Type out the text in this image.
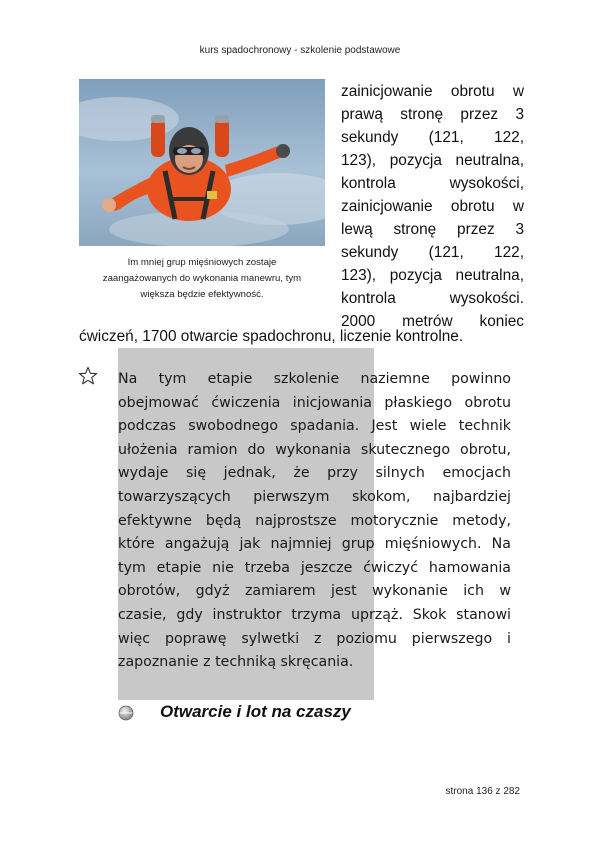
kurs spadochronowy - szkolenie podstawowe
Im mniej grup mięśniowych zostaje
zaangażowanych do wykonania manewru, tym
większa będzie efektywność.
zainicjowanie obrotu w
prawą stronę przez 3
sekundy (121, 122,
123), pozycja neutralna,
kontrola wysokości,
zainicjowanie obrotu w
lewą stronę przez 3
sekundy (121, 122,
123), pozycja neutralna,
kontrola wysokości.
2000 metrów koniec
ćwiczeń, 1700 otwarcie spadochronu, liczenie kontrolne.
Na tym etapie szkolenie naziemne powinno
obejmować ćwiczenia inicjowania płaskiego obrotu
podczas swobodnego spadania. Jest wiele technik
ułożenia ramion do wykonania skutecznego obrotu,
wydaje się jednak, że przy silnych emocjach
towarzyszących pierwszym skokom, najbardziej
efektywne będą najprostsze motorycznie metody,
które angażują jak najmniej grup mięśniowych. Na
tym etapie nie trzeba jeszcze ćwiczyć hamowania
obrotów, gdyż zamiarem jest wykonanie ich w
czasie, gdy instruktor trzyma uprząż. Skok stanowi
więc poprawę sylwetki z poziomu pierwszego i
zapoznanie z techniką skręcania.
Otwarcie i lot na czaszy
strona 136 z 282
